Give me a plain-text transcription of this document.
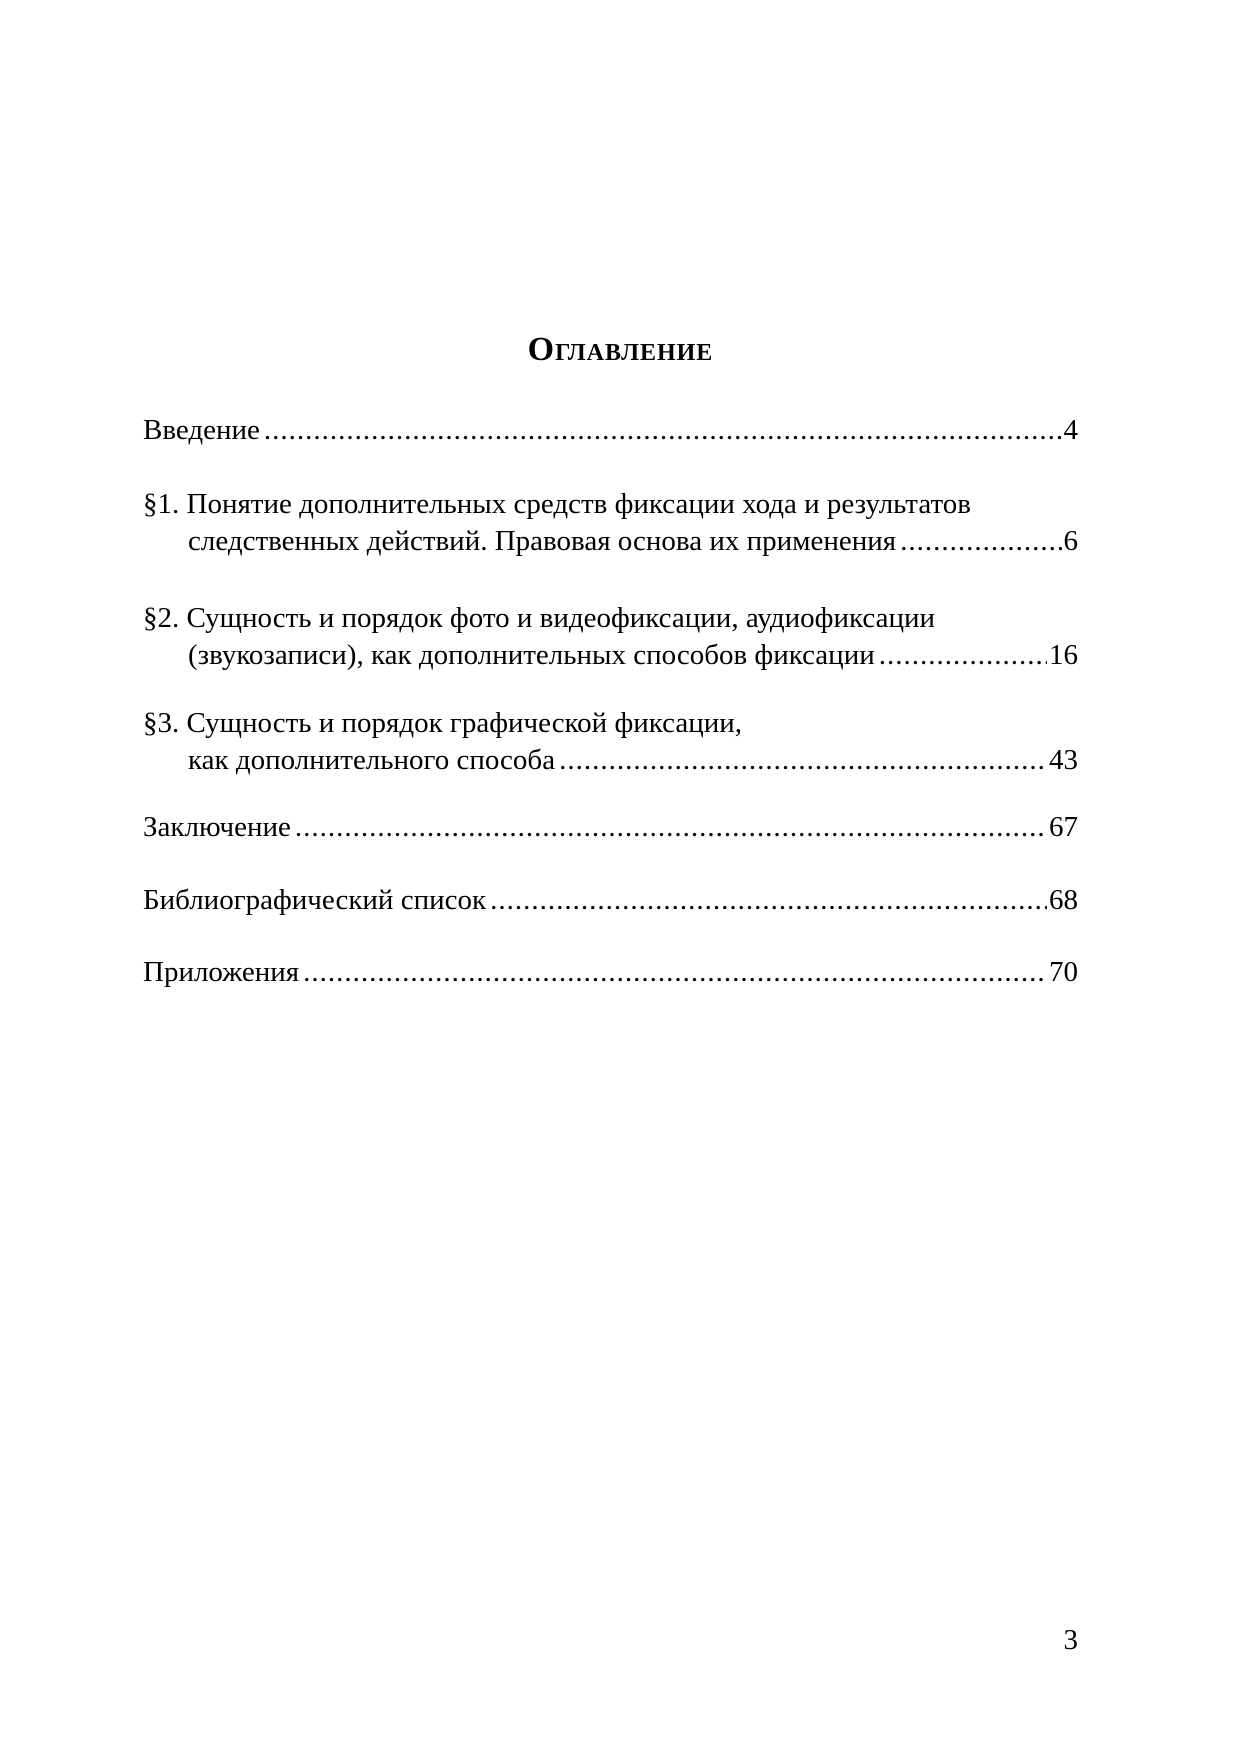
Оглавление
Введение .....	4
§1. Понятие дополнительных средств фиксации хода и результатов
следственных действий. Правовая основа их применения .....	6
§2. Сущность и порядок фото и видеофиксации, аудиофиксации
(звукозаписи), как дополнительных способов фиксации .....	16
§3. Сущность и порядок графической фиксации,
как дополнительного способа .....	43
Заключение .....	67
Библиографический список .....	68
Приложения .....	70
3
